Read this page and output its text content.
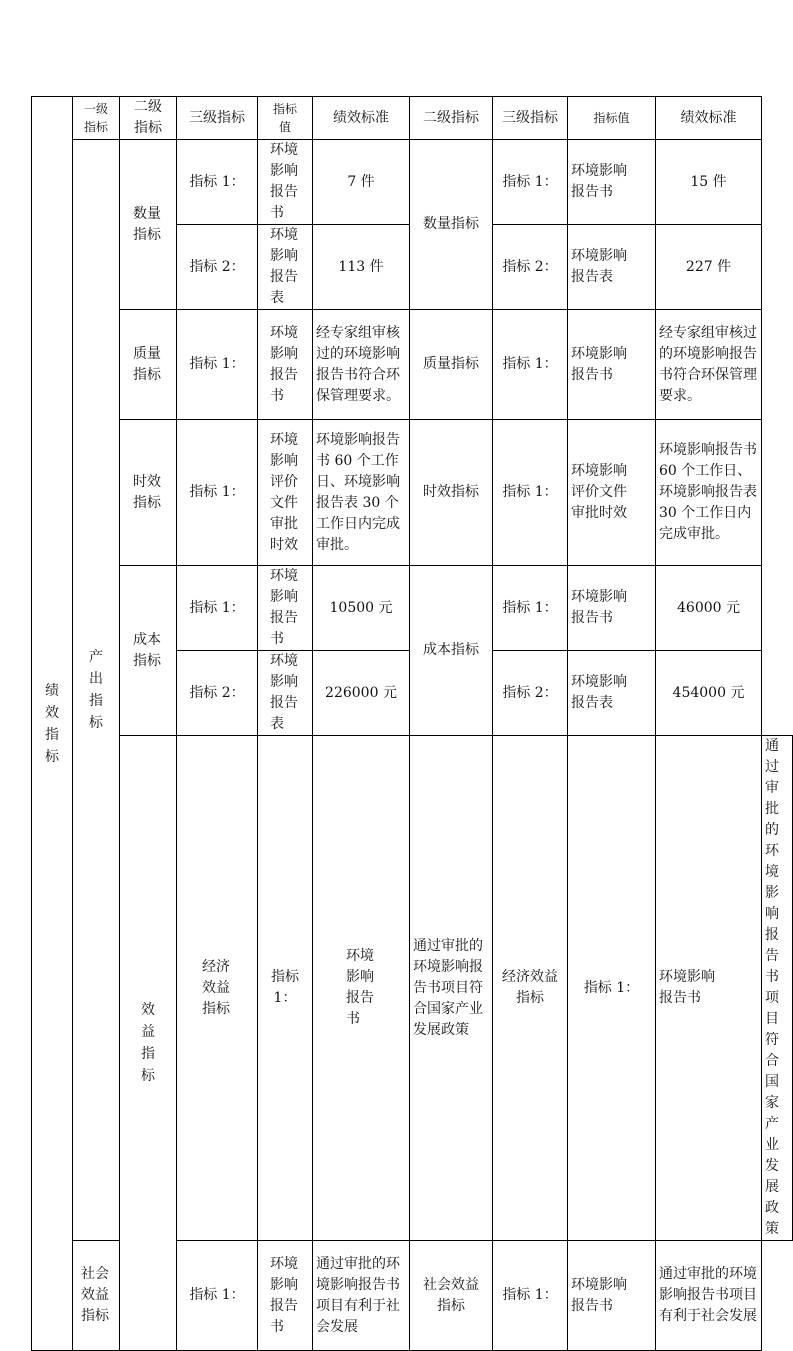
绩效指标	一级指标	二级指标	三级指标	指标值	绩效标准	二级指标	三级指标	指标值	绩效标准	

	产出指标	数量指标	指标 1：	环境影响报告书	7 件	数量指标	指标 1：	环境影响报告书	15 件	
			指标 2：	环境影响报告表	113 件		指标 2：	环境影响报告表	227 件	

		质量指标	指标 1：	环境影响报告书	经专家组审核过的环境影响报告书符合环保管理要求。	质量指标	指标 1：	环境影响报告书	经专家组审核过的环境影响报告书符合环保管理要求。	

		时效指标	指标 1：	环境影响评价文件审批时效	环境影响报告书 60 个工作日、环境影响报告表 30 个工作日内完成审批。	时效指标	指标 1：	环境影响评价文件审批时效	环境影响报告书 60 个工作日、环境影响报告表 30 个工作日内完成审批。	

		成本指标	指标 1：	环境影响报告书	10500 元	成本指标	指标 1：	环境影响报告书	46000 元	
			指标 2：	环境影响报告表	226000 元		指标 2：	环境影响报告表	454000 元	

		效益指标	经济效益指标	指标 1：	环境影响报告书	通过审批的环境影响报告书项目符合国家产业发展政策	经济效益指标	指标 1：	环境影响报告书	通过审批的环境影响报告书项目符合国家产业发展政策

	社会效益指标		指标 1：	环境影响报告书	通过审批的环境影响报告书项目有利于社会发展	社会效益指标	指标 1：	环境影响报告书	通过审批的环境影响报告书项目有利于社会发展	
